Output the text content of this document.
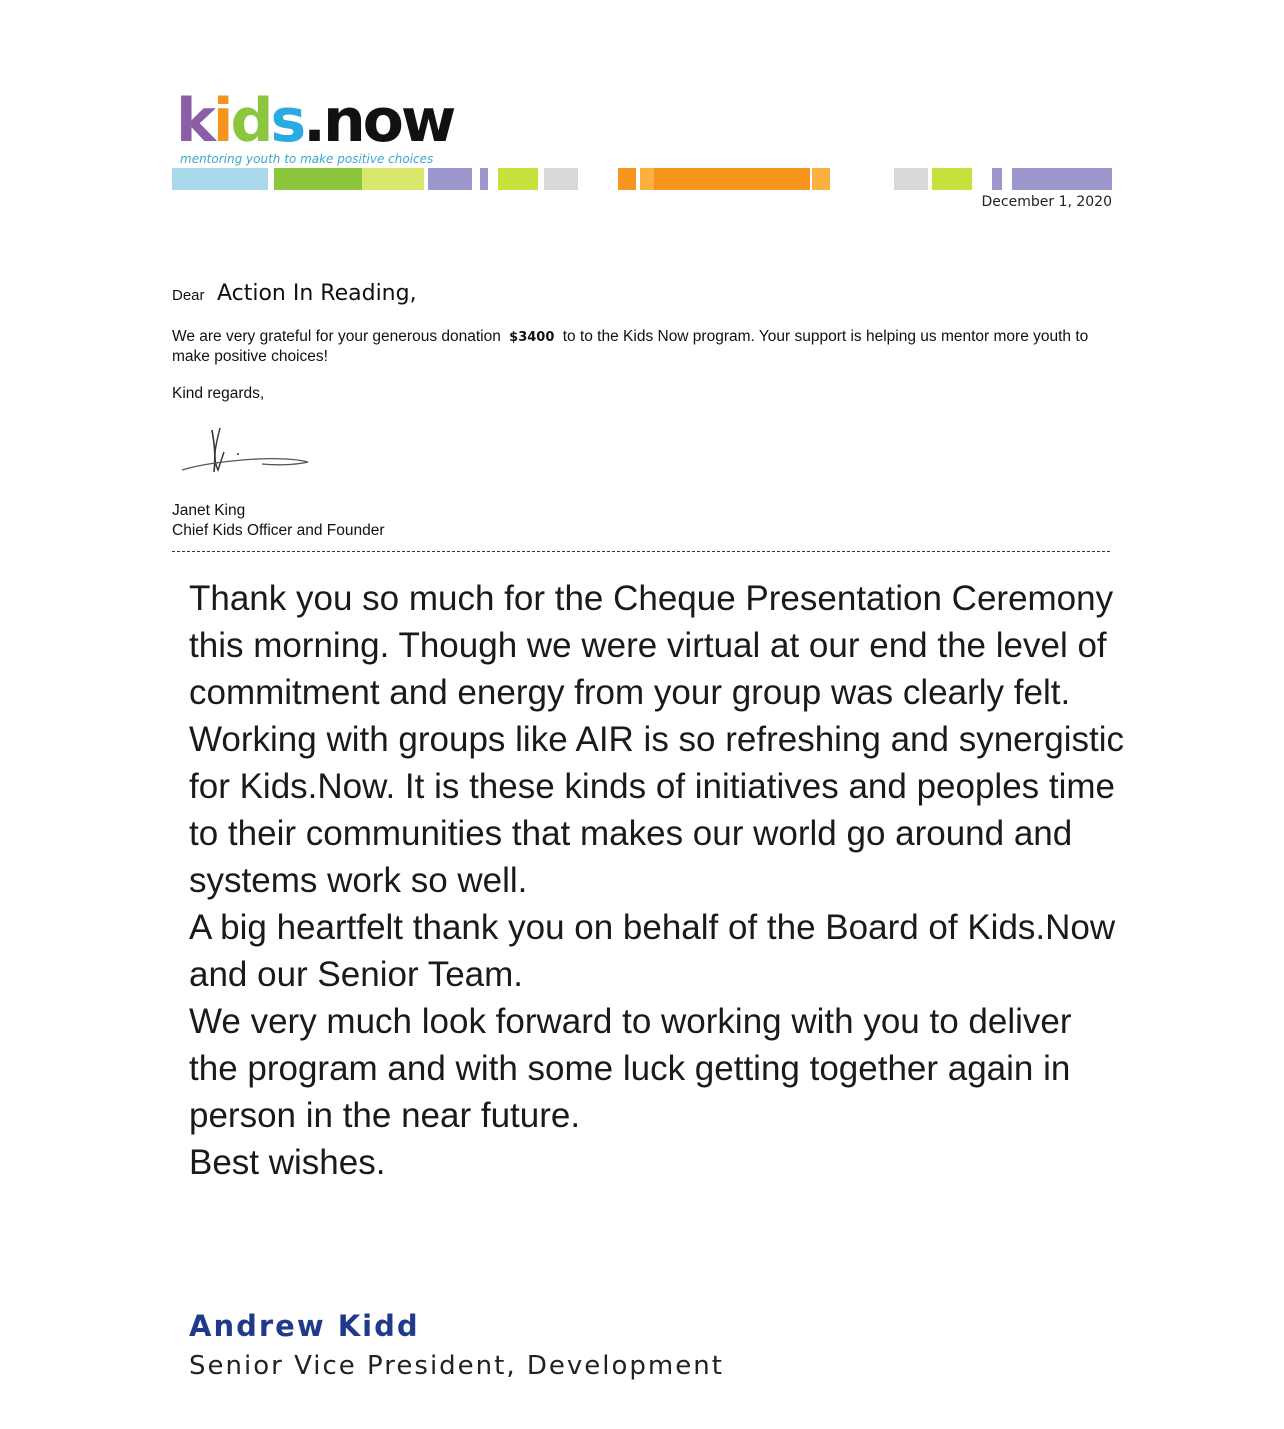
kids.now
mentoring youth to make positive choices
December 1, 2020
Dear Action In Reading,
We are very grateful for your generous donation $3400 to to the Kids Now program. Your support is helping us mentor more youth to make positive choices!
Kind regards,
Janet King
Chief Kids Officer and Founder

Thank you so much for the Cheque Presentation Ceremony this morning. Though we were virtual at our end the level of commitment and energy from your group was clearly felt.

Working with groups like AIR is so refreshing and synergistic for Kids.Now. It is these kinds of initiatives and peoples time to their communities that makes our world go around and systems work so well.

A big heartfelt thank you on behalf of the Board of Kids.Now and our Senior Team.

We very much look forward to working with you to deliver the program and with some luck getting together again in person in the near future.

Best wishes.

Andrew Kidd
Senior Vice President, Development
